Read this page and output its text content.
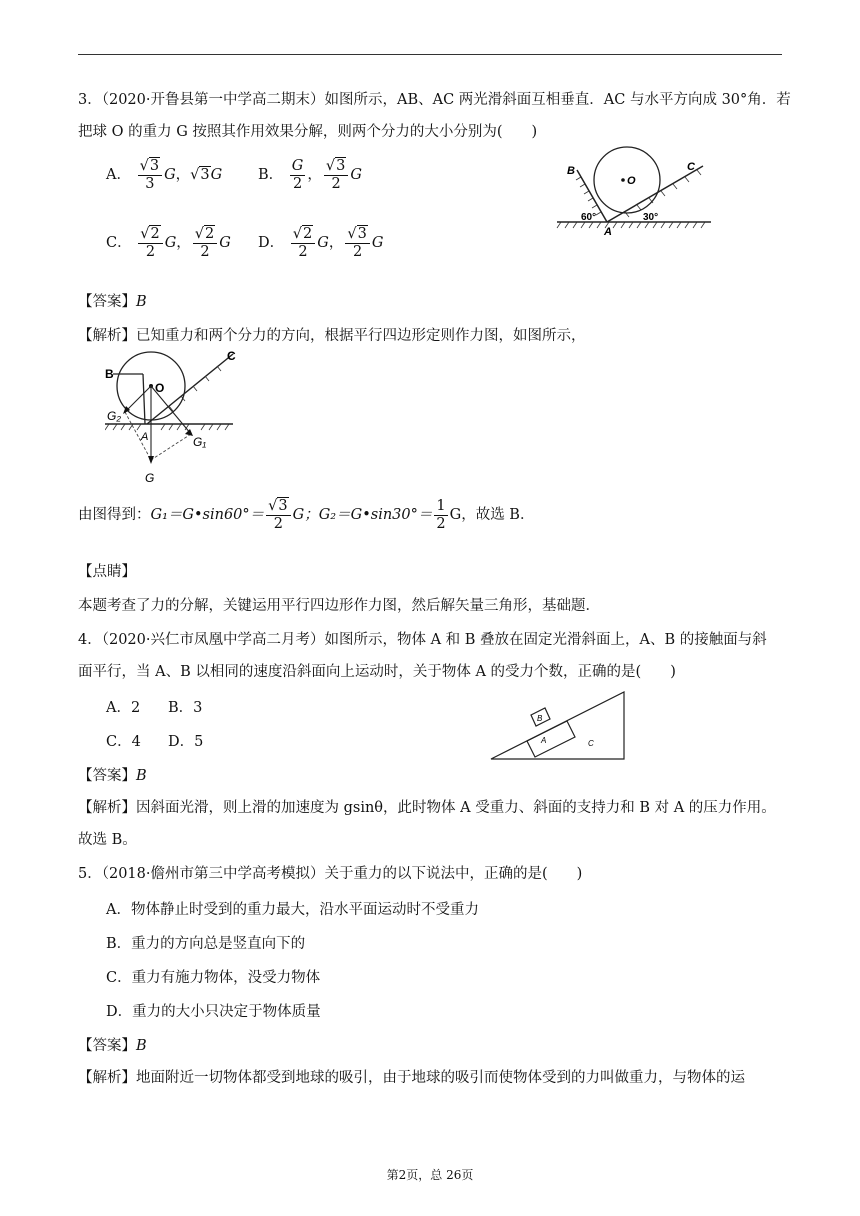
3．（2020·开鲁县第一中学高二期末）如图所示，AB、AC 两光滑斜面互相垂直．AC 与水平方向成 30°角．若
把球 O 的重力 G 按照其作用效果分解，则两个分力的大小分别为(　　)
A． $\frac{√3}{3}$ G，√3G B． $\frac{G}{2}$ ， $\frac{√3}{2}$ G
C． $\frac{√2}{2}$ G， $\frac{√2}{2}$ G D． $\frac{√2}{2}$ G， $\frac{√3}{2}$ G
B	C
O
60°	30°
A
【答案】B
【解析】已知重力和两个分力的方向，根据平行四边形定则作力图，如图所示，
B
C
O
G₂
G₁
A
G
由图得到：G₁＝G•sin60°＝ $\frac{√3}{2}$ G；G₂＝G•sin30°＝ $\frac{1}{2}$ G，故选 B．
【点睛】
本题考查了力的分解，关键运用平行四边形作力图，然后解矢量三角形，基础题．
4．（2020·兴仁市凤凰中学高二月考）如图所示，物体 A 和 B 叠放在固定光滑斜面上，A、B 的接触面与斜
面平行，当 A、B 以相同的速度沿斜面向上运动时，关于物体 A 的受力个数，正确的是(　　)
A．2 B．3
C．4 D．5
B
A	C
【答案】B
【解析】因斜面光滑，则上滑的加速度为 gsinθ，此时物体 A 受重力、斜面的支持力和 B 对 A 的压力作用。
故选 B。
5．（2018·儋州市第三中学高考模拟）关于重力的以下说法中，正确的是(　　)
A．物体静止时受到的重力最大，沿水平面运动时不受重力
B．重力的方向总是竖直向下的
C．重力有施力物体，没受力物体
D．重力的大小只决定于物体质量
【答案】B
【解析】地面附近一切物体都受到地球的吸引，由于地球的吸引而使物体受到的力叫做重力，与物体的运
第2页，总 26页
